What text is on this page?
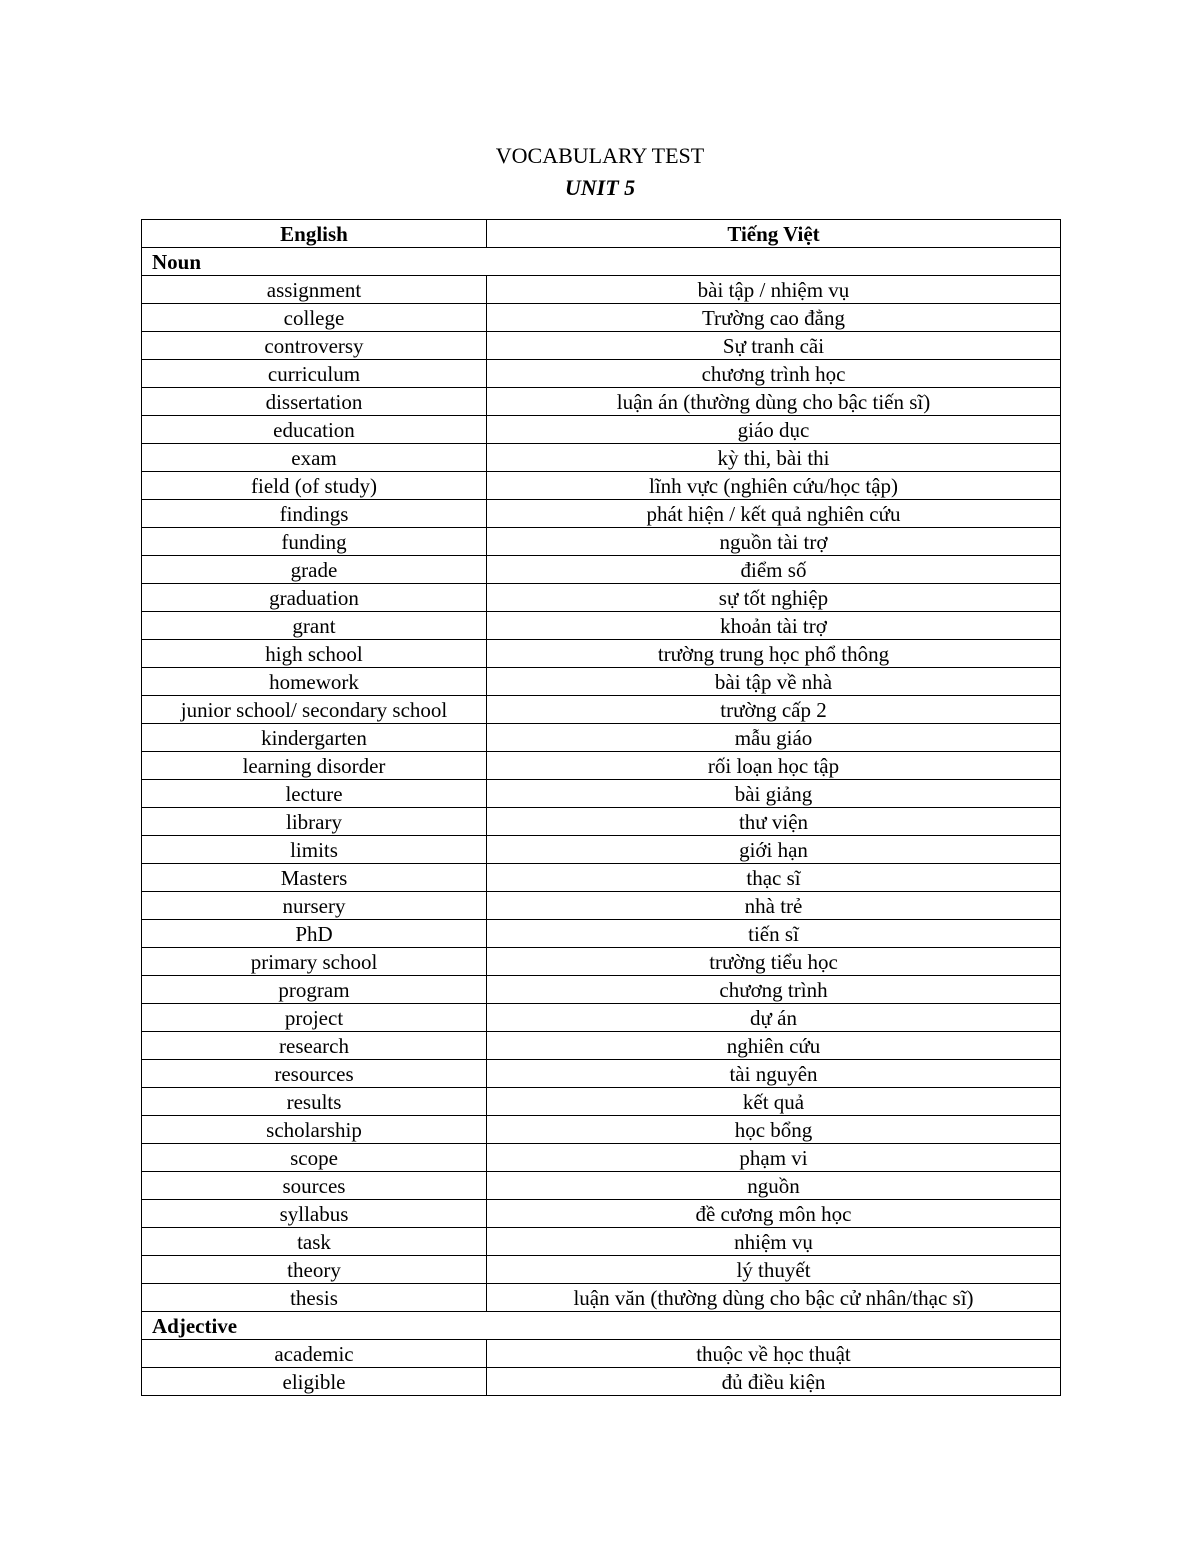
VOCABULARY TEST
UNIT 5
English	Tiếng Việt
Noun	
assignment	bài tập / nhiệm vụ
college	Trường cao đẳng
controversy	Sự tranh cãi
curriculum	chương trình học
dissertation	luận án (thường dùng cho bậc tiến sĩ)
education	giáo dục
exam	kỳ thi, bài thi
field (of study)	lĩnh vực (nghiên cứu/học tập)
findings	phát hiện / kết quả nghiên cứu
funding	nguồn tài trợ
grade	điểm số
graduation	sự tốt nghiệp
grant	khoản tài trợ
high school	trường trung học phổ thông
homework	bài tập về nhà
junior school/ secondary school	trường cấp 2
kindergarten	mẫu giáo
learning disorder	rối loạn học tập
lecture	bài giảng
library	thư viện
limits	giới hạn
Masters	thạc sĩ
nursery	nhà trẻ
PhD	tiến sĩ
primary school	trường tiểu học
program	chương trình
project	dự án
research	nghiên cứu
resources	tài nguyên
results	kết quả
scholarship	học bổng
scope	phạm vi
sources	nguồn
syllabus	đề cương môn học
task	nhiệm vụ
theory	lý thuyết
thesis	luận văn (thường dùng cho bậc cử nhân/thạc sĩ)
Adjective	
academic	thuộc về học thuật
eligible	đủ điều kiện
